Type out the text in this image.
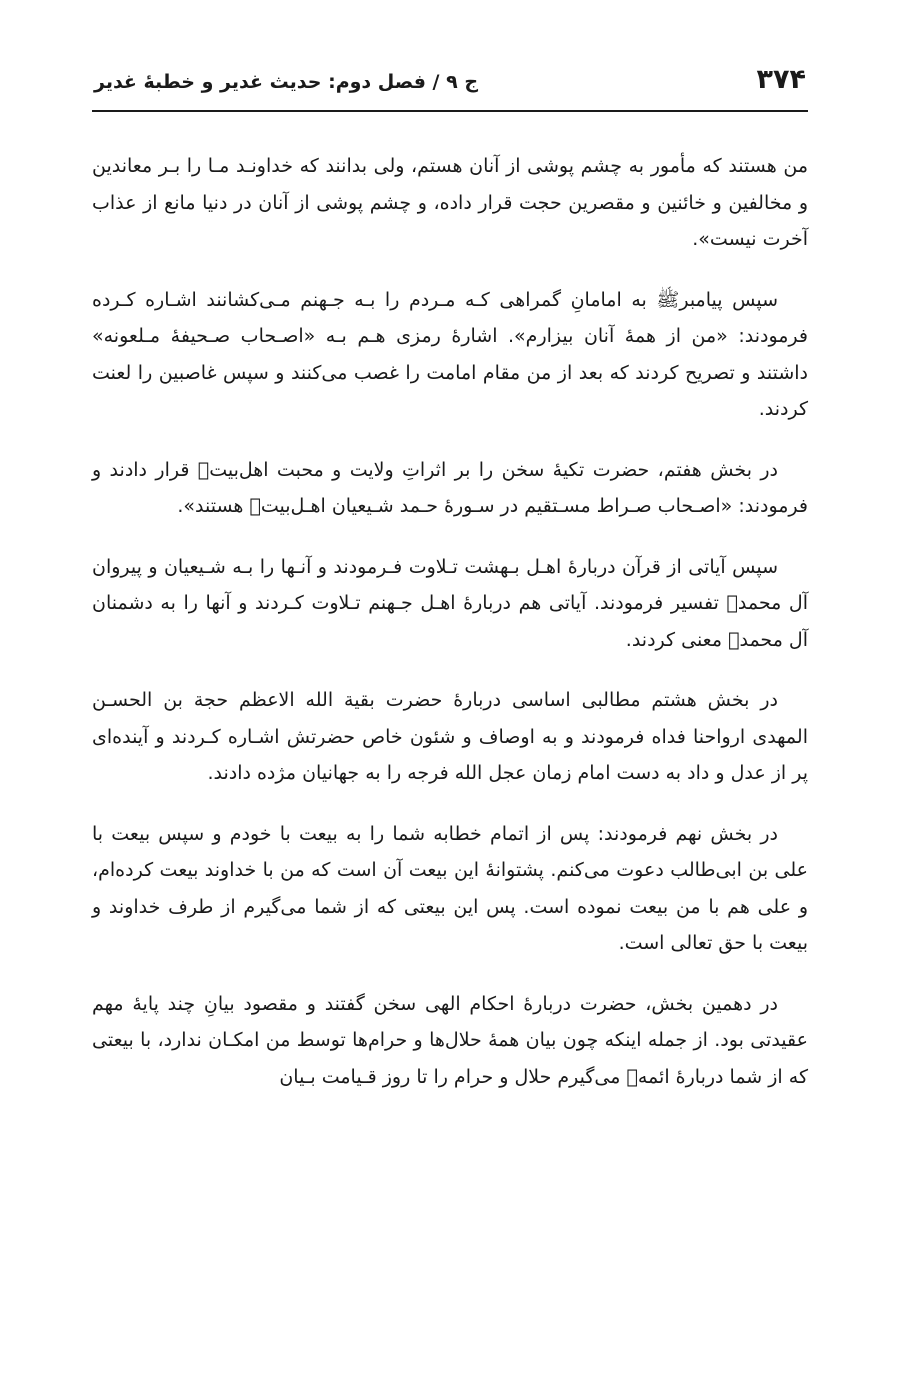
۳۷۴
ج ۹ / فصل دوم: حدیث غدیر و خطبهٔ غدیر

من هستند که مأمور به چشم پوشی از آنان هستم، ولی بدانند که خداونـد مـا را بـر معاندین و مخالفین و خائنین و مقصرین حجت قرار داده، و چشم پوشی از آنان در دنیا مانع از عذاب آخرت نیست».

سپس پیامبرﷺ به امامانِ گمراهی کـه مـردم را بـه جـهنم مـی‌کشانند اشـاره کـرده فرمودند: «من از همهٔ آنان بیزارم». اشارهٔ رمزی هـم بـه «اصـحاب صـحیفهٔ مـلعونه» داشتند و تصریح کردند که بعد از من مقام امامت را غصب می‌کنند و سپس غاصبین را لعنت کردند.

در بخش هفتم، حضرت تکیهٔ سخن را بر اثراتِ ولایت و محبت اهل‌بیت‌﷩ قرار دادند و فرمودند: «اصـحاب صـراط مسـتقیم در سـورهٔ حـمد شـیعیان اهـل‌بیت﷩ هستند».

سپس آیاتی از قرآن دربارهٔ اهـل بـهشت تـلاوت فـرمودند و آنـها را بـه شـیعیان و پیروان آل محمد﷩ تفسیر فرمودند. آیاتی هم دربارهٔ اهـل جـهنم تـلاوت کـردند و آنها را به دشمنان آل محمد﷩ معنی کردند.

در بخش هشتم مطالبی اساسی دربارهٔ حضرت بقیة الله الاعظم حجة بن الحسـن المهدی ارواحنا فداه فرمودند و به اوصاف و شئون خاص حضرتش اشـاره کـردند و آینده‌ای پر از عدل و داد به دست امام زمان عجل الله فرجه را به جهانیان مژده دادند.

در بخش نهم فرمودند: پس از اتمام خطابه شما را به بیعت با خودم و سپس بیعت با علی بن ابی‌طالب دعوت می‌کنم. پشتوانهٔ این بیعت آن است که من با خداوند بیعت کرده‌ام، و علی هم با من بیعت نموده است. پس این بیعتی که از شما می‌گیرم از طرف خداوند و بیعت با حق تعالی است.

در دهمین بخش، حضرت دربارهٔ احکام الهی سخن گفتند و مقصود بیانِ چند پایهٔ مهم عقیدتی بود. از جمله اینکه چون بیان همهٔ حلال‌ها و حرام‌ها توسط من امکـان ندارد، با بیعتی که از شما دربارهٔ ائمه﷩ می‌گیرم حلال و حرام را تا روز قـیامت بـیان
